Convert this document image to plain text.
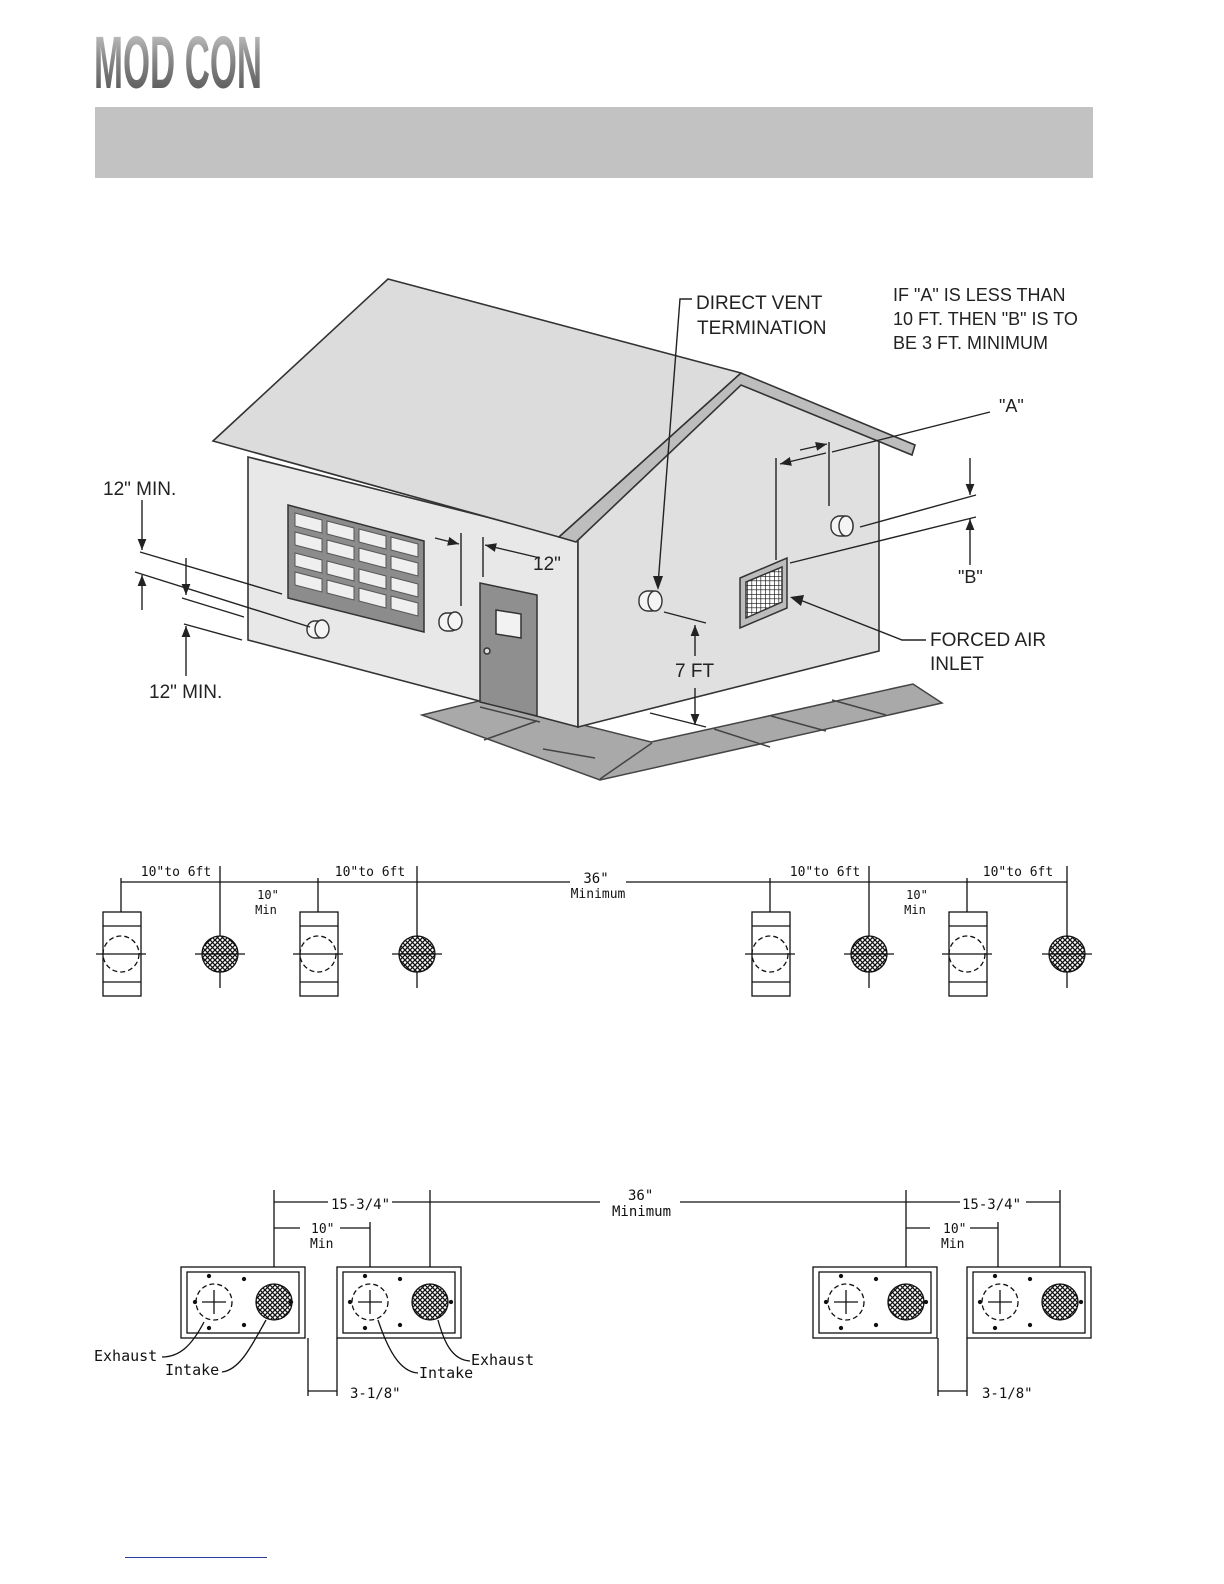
MOD CON
DIRECT VENT
TERMINATION
IF "A" IS LESS THAN
10 FT. THEN "B" IS TO
BE 3 FT. MINIMUM
"A"
"B"
12" MIN.
12" MIN.
12"
7 FT
FORCED AIR
INLET
10"to 6ft	10"to 6ft	10"to 6ft	10"to 6ft
10"
Min
10"
Min
36"
Minimum
15-3/4"	15-3/4"
10"
Min
10"
Min
36"
Minimum
3-1/8"	3-1/8"
Exhaust
Intake	Intake
Exhaust
